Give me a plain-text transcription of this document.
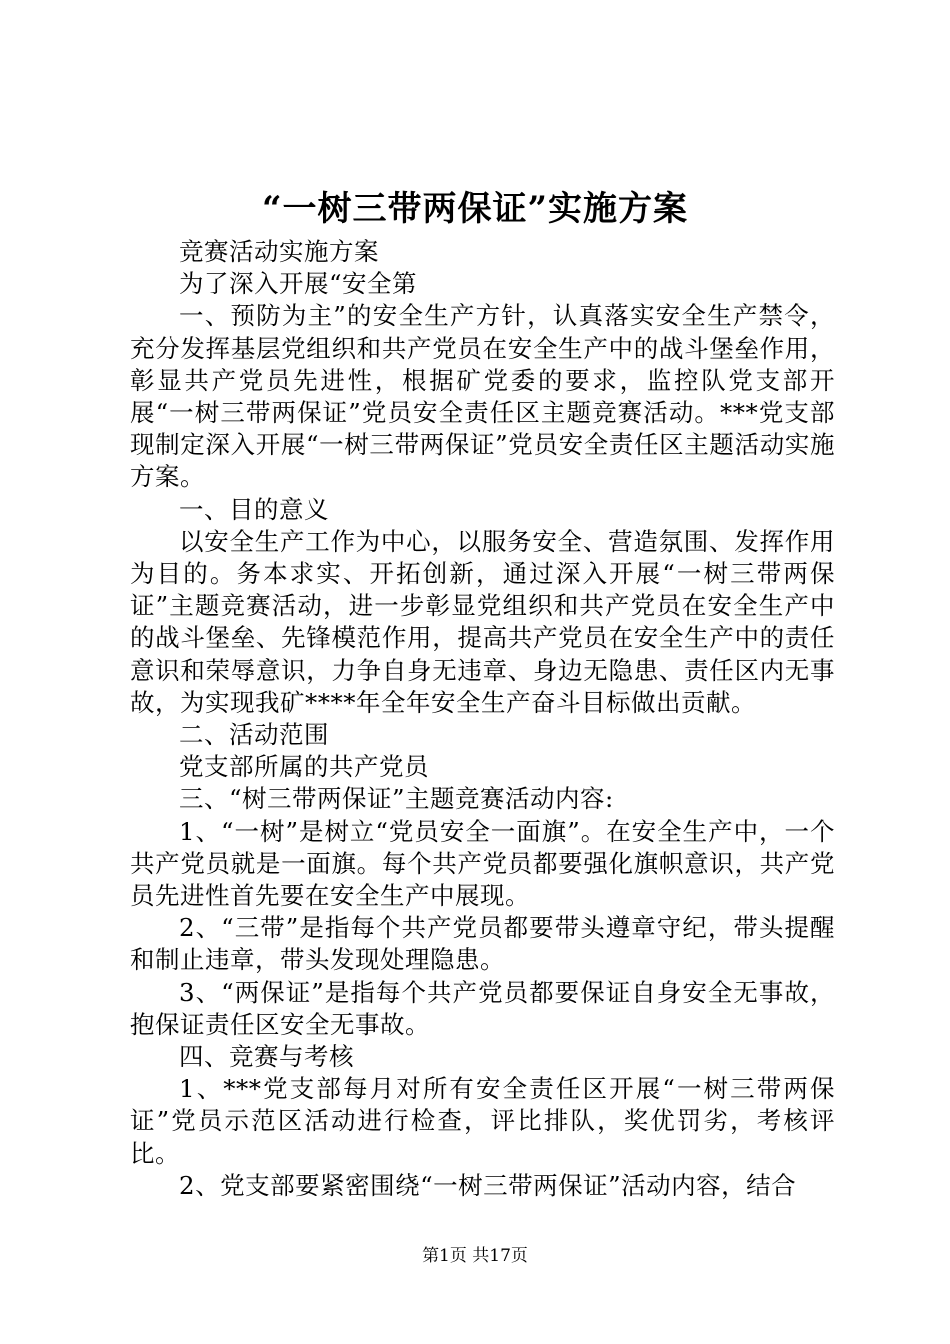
“一树三带两保证”实施方案

竞赛活动实施方案

为了深入开展“安全第

一、预防为主”的安全生产方针，认真落实安全生产禁令，充分发挥基层党组织和共产党员在安全生产中的战斗堡垒作用，彰显共产党员先进性，根据矿党委的要求，监控队党支部开展“一树三带两保证”党员安全责任区主题竞赛活动。***党支部现制定深入开展“一树三带两保证”党员安全责任区主题活动实施方案。

一、目的意义

以安全生产工作为中心，以服务安全、营造氛围、发挥作用为目的。务本求实、开拓创新，通过深入开展“一树三带两保证”主题竞赛活动，进一步彰显党组织和共产党员在安全生产中的战斗堡垒、先锋模范作用，提高共产党员在安全生产中的责任意识和荣辱意识，力争自身无违章、身边无隐患、责任区内无事故，为实现我矿****年全年安全生产奋斗目标做出贡献。

二、活动范围

党支部所属的共产党员

三、“树三带两保证”主题竞赛活动内容:

1、“一树”是树立“党员安全一面旗”。在安全生产中，一个共产党员就是一面旗。每个共产党员都要强化旗帜意识，共产党员先进性首先要在安全生产中展现。

2、“三带”是指每个共产党员都要带头遵章守纪，带头提醒和制止违章，带头发现处理隐患。

3、“两保证”是指每个共产党员都要保证自身安全无事故，抱保证责任区安全无事故。

四、竞赛与考核

1、***党支部每月对所有安全责任区开展“一树三带两保证”党员示范区活动进行检查，评比排队，奖优罚劣，考核评比。

2、党支部要紧密围绕“一树三带两保证”活动内容，结合

第1页 共17页
